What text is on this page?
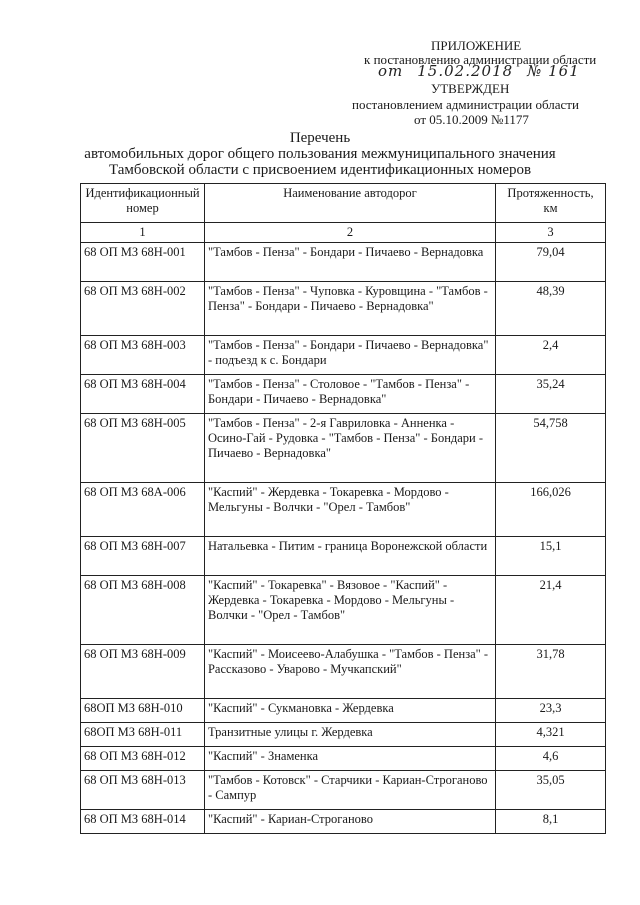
ПРИЛОЖЕНИЕ
к постановлению администрации области
от 15.02.2018 № 161
УТВЕРЖДЕН
постановлением администрации области
от 05.10.2009 №1177
Перечень
автомобильных дорог общего пользования межмуниципального значения
Тамбовской области с присвоением идентификационных номеров
Идентификационный номер	Наименование автодорог	Протяженность, км
1	2	3
68 ОП МЗ 68Н-001	"Тамбов - Пенза" - Бондари - Пичаево - Вернадовка	79,04
68 ОП МЗ 68Н-002	"Тамбов - Пенза" - Чуповка - Куровщина - "Тамбов - Пенза" - Бондари - Пичаево - Вернадовка"	48,39
68 ОП МЗ 68Н-003	"Тамбов - Пенза" - Бондари - Пичаево - Вернадовка" - подъезд к с. Бондари	2,4
68 ОП МЗ 68Н-004	"Тамбов - Пенза" - Столовое - "Тамбов - Пенза" - Бондари - Пичаево - Вернадовка"	35,24
68 ОП МЗ 68Н-005	"Тамбов - Пенза" - 2-я Гавриловка - Анненка - Осино-Гай - Рудовка - "Тамбов - Пенза" - Бондари - Пичаево - Вернадовка"	54,758
68 ОП МЗ 68А-006	"Каспий" - Жердевка - Токаревка - Мордово - Мельгуны - Волчки - "Орел - Тамбов"	166,026
68 ОП МЗ 68Н-007	Натальевка - Питим - граница Воронежской области	15,1
68 ОП МЗ 68Н-008	"Каспий" - Токаревка" - Вязовое - "Каспий" - Жердевка - Токаревка - Мордово - Мельгуны - Волчки - "Орел - Тамбов"	21,4
68 ОП МЗ 68Н-009	"Каспий" - Моисеево-Алабушка - "Тамбов - Пенза" - Рассказово - Уварово - Мучкапский"	31,78
68ОП МЗ 68Н-010	"Каспий" - Сукмановка - Жердевка	23,3
68ОП МЗ 68Н-011	Транзитные улицы г. Жердевка	4,321
68 ОП МЗ 68Н-012	"Каспий" - Знаменка	4,6
68 ОП МЗ 68Н-013	"Тамбов - Котовск" - Старчики - Кариан-Строганово - Сампур	35,05
68 ОП МЗ 68Н-014	"Каспий" - Кариан-Строганово	8,1
